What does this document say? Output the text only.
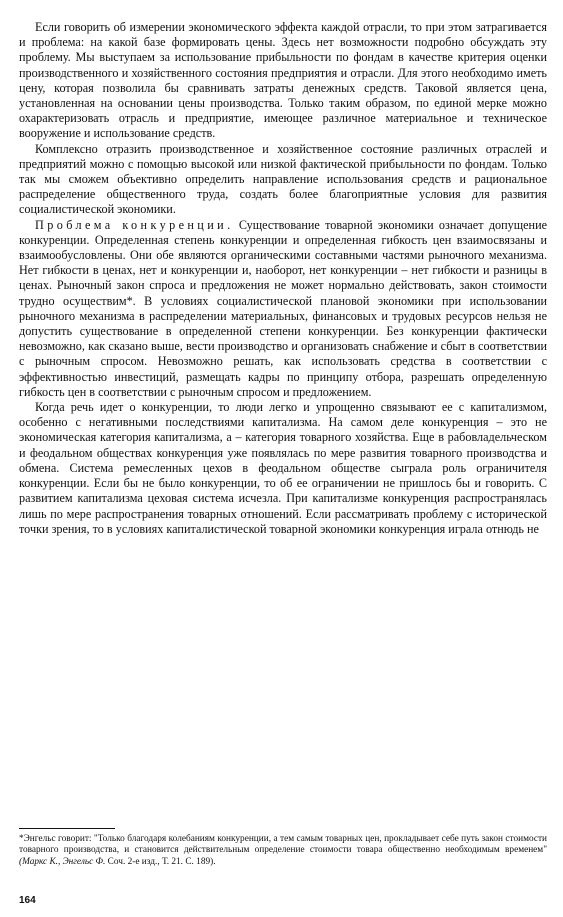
Если говорить об измерении экономического эффекта каждой отрасли, то при этом затрагивается и проблема: на какой базе формировать цены. Здесь нет возможности подробно обсуждать эту проблему. Мы выступаем за использование прибыльности по фондам в качестве критерия оценки производственного и хозяйственного состояния предприятия и отрасли. Для этого необходимо иметь цену, которая позволила бы сравнивать затраты денежных средств. Таковой является цена, установленная на основании цены производства. Только таким образом, по единой мерке можно охарактеризовать отрасль и предприятие, имеющее различное материальное и техническое вооружение и использование средств.

Комплексно отразить производственное и хозяйственное состояние различных отраслей и предприятий можно с помощью высокой или низкой фактической прибыльности по фондам. Только так мы сможем объективно определить направление использования средств и рациональное распределение общественного труда, создать более благоприятные условия для развития социалистической экономики.

Проблема конкуренции. Существование товарной экономики означает допущение конкуренции. Определенная степень конкуренции и определенная гибкость цен взаимосвязаны и взаимообусловлены. Они обе являются органическими составными частями рыночного механизма. Нет гибкости в ценах, нет и конкуренции и, наоборот, нет конкуренции – нет гибкости и разницы в ценах. Рыночный закон спроса и предложения не может нормально действовать, закон стоимости трудно осуществим*. В условиях социалистической плановой экономики при использовании рыночного механизма в распределении материальных, финансовых и трудовых ресурсов нельзя не допустить существование в определенной степени конкуренции. Без конкуренции фактически невозможно, как сказано выше, вести производство и организовать снабжение и сбыт в соответствии с рыночным спросом. Невозможно решать, как использовать средства в соответствии с эффективностью инвестиций, размещать кадры по принципу отбора, разрешать определенную гибкость цен в соответствии с рыночным спросом и предложением.

Когда речь идет о конкуренции, то люди легко и упрощенно связывают ее с капитализмом, особенно с негативными последствиями капитализма. На самом деле конкуренция – это не экономическая категория капитализма, а – категория товарного хозяйства. Еще в рабовладельческом и феодальном обществах конкуренция уже появлялась по мере развития товарного производства и обмена. Система ремесленных цехов в феодальном обществе сыграла роль ограничителя конкуренции. Если бы не было конкуренции, то об ее ограничении не пришлось бы и говорить. С развитием капитализма цеховая система исчезла. При капитализме конкуренция распространялась лишь по мере распространения товарных отношений. Если рассматривать проблему с исторической точки зрения, то в условиях капиталистической товарной экономики конкуренция играла отнюдь не

*Энгельс говорит: "Только благодаря колебаниям конкуренции, а тем самым товарных цен, прокладывает себе путь закон стоимости товарного производства, и становится действительным определение стоимости товара общественно необходимым временем" (Маркс К., Энгельс Ф. Соч. 2-е изд., Т. 21. С. 189).

164
